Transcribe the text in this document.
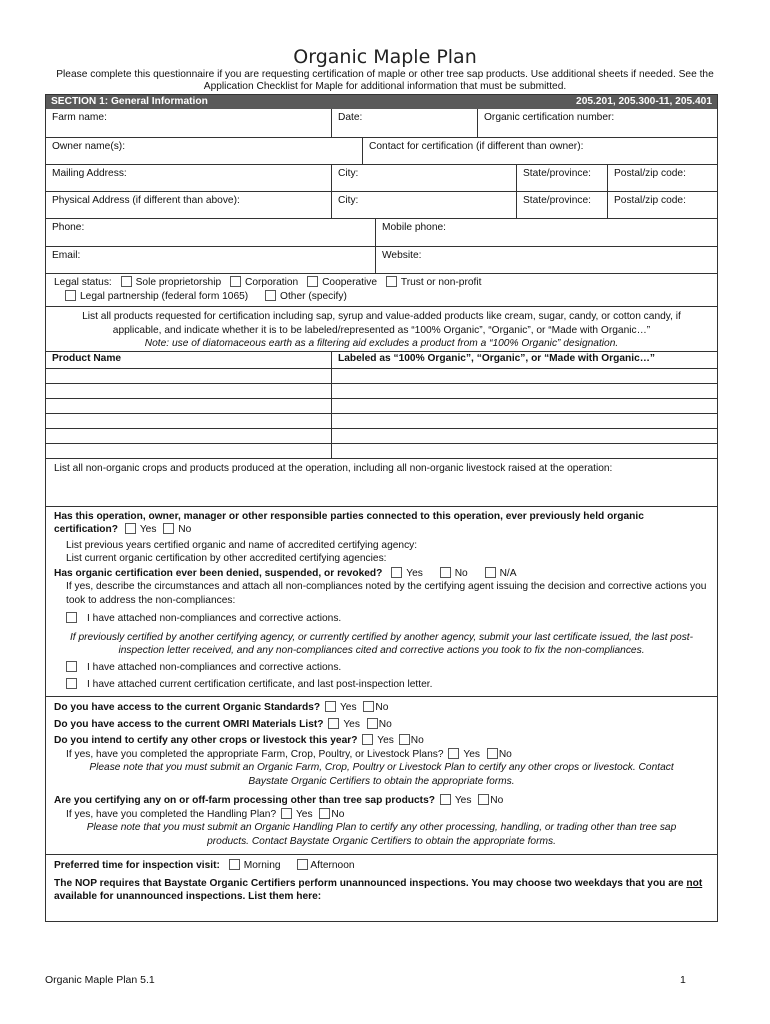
Organic Maple Plan
Please complete this questionnaire if you are requesting certification of maple or other tree sap products. Use additional sheets if needed. See the Application Checklist for Maple for additional information that must be submitted.
SECTION 1: General Information	205.201, 205.300-11, 205.401
Farm name:	Date:	Organic certification number:
Owner name(s):	Contact for certification (if different than owner):
Mailing Address:	City:	State/province:	Postal/zip code:
Physical Address (if different than above):	City:	State/province:	Postal/zip code:
Phone:	Mobile phone:
Email:	Website:
Legal status: Sole proprietorship Corporation Cooperative Trust or non-profit
Legal partnership (federal form 1065)	Other (specify)
List all products requested for certification including sap, syrup and value-added products like cream, sugar, candy, or cotton candy, if applicable, and indicate whether it is to be labeled/represented as “100% Organic”, “Organic”, or “Made with Organic…”
Note: use of diatomaceous earth as a filtering aid excludes a product from a “100% Organic” designation.
Product Name	Labeled as “100% Organic”, “Organic”, or “Made with Organic…”
List all non-organic crops and products produced at the operation, including all non-organic livestock raised at the operation:
Has this operation, owner, manager or other responsible parties connected to this operation, ever previously held organic certification? Yes No
List previous years certified organic and name of accredited certifying agency:
List current organic certification by other accredited certifying agencies:
Has organic certification ever been denied, suspended, or revoked? Yes	No	N/A
If yes, describe the circumstances and attach all non-compliances noted by the certifying agent issuing the decision and corrective actions you took to address the non-compliances:
I have attached non-compliances and corrective actions.
If previously certified by another certifying agency, or currently certified by another agency, submit your last certificate issued, the last post-inspection letter received, and any non-compliances cited and corrective actions you took to fix the non-compliances.
I have attached non-compliances and corrective actions.
I have attached current certification certificate, and last post-inspection letter.
Do you have access to the current Organic Standards? Yes No
Do you have access to the current OMRI Materials List? Yes No
Do you intend to certify any other crops or livestock this year? Yes No
If yes, have you completed the appropriate Farm, Crop, Poultry, or Livestock Plans? Yes No
Please note that you must submit an Organic Farm, Crop, Poultry or Livestock Plan to certify any other crops or livestock. Contact Baystate Organic Certifiers to obtain the appropriate forms.
Are you certifying any on or off-farm processing other than tree sap products? Yes No
If yes, have you completed the Handling Plan? Yes No
Please note that you must submit an Organic Handling Plan to certify any other processing, handling, or trading other than tree sap products. Contact Baystate Organic Certifiers to obtain the appropriate forms.
Preferred time for inspection visit: Morning	Afternoon
The NOP requires that Baystate Organic Certifiers perform unannounced inspections. You may choose two weekdays that you are not available for unannounced inspections. List them here:
Organic Maple Plan 5.1	1
